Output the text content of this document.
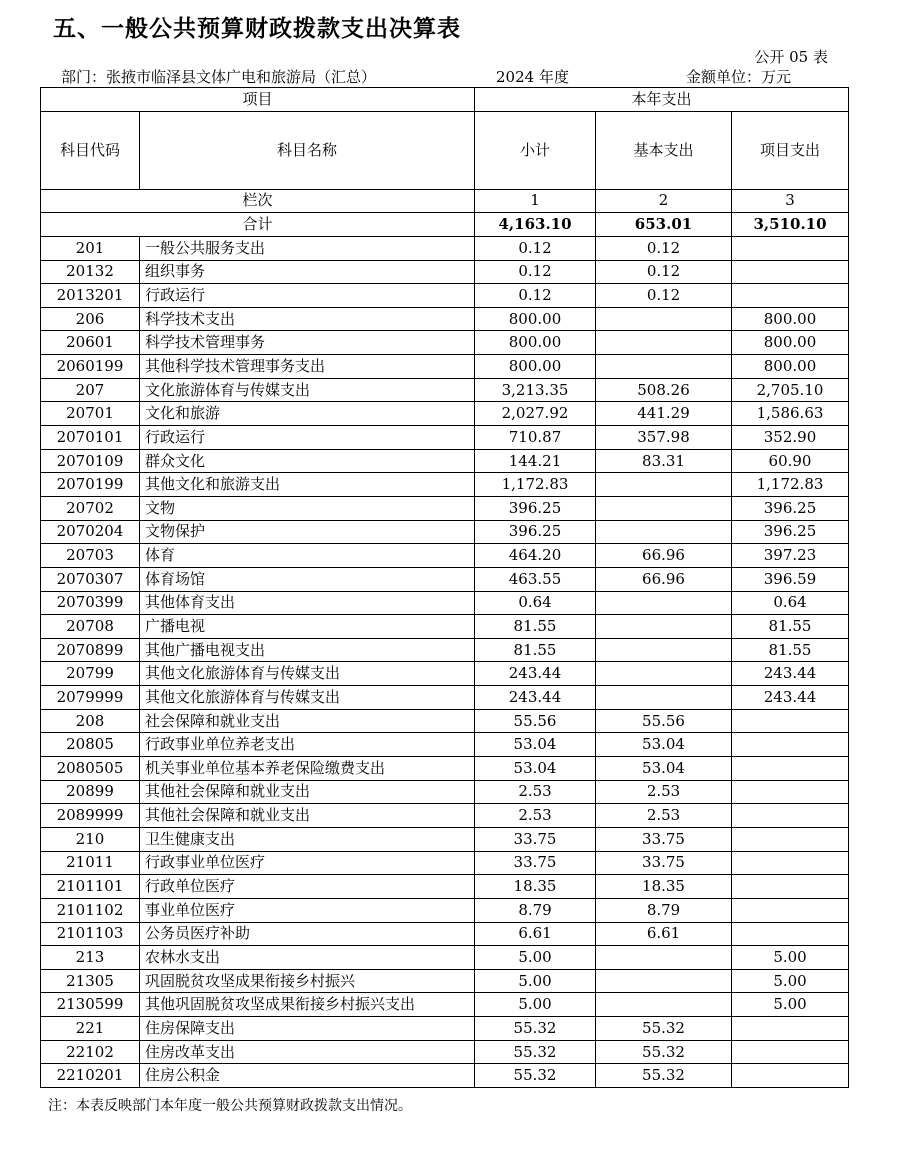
五、一般公共预算财政拨款支出决算表
公开 05 表
部门：张掖市临泽县文体广电和旅游局（汇总）	2024 年度	金额单位：万元
项目		本年支出		
科目代码	科目名称	小计	基本支出	项目支出
栏次		1	2	3
合计		4,163.10	653.01	3,510.10
201	一般公共服务支出	0.12	0.12	
20132	组织事务	0.12	0.12	
2013201	行政运行	0.12	0.12	
206	科学技术支出	800.00		800.00
20601	科学技术管理事务	800.00		800.00
2060199	其他科学技术管理事务支出	800.00		800.00
207	文化旅游体育与传媒支出	3,213.35	508.26	2,705.10
20701	文化和旅游	2,027.92	441.29	1,586.63
2070101	行政运行	710.87	357.98	352.90
2070109	群众文化	144.21	83.31	60.90
2070199	其他文化和旅游支出	1,172.83		1,172.83
20702	文物	396.25		396.25
2070204	文物保护	396.25		396.25
20703	体育	464.20	66.96	397.23
2070307	体育场馆	463.55	66.96	396.59
2070399	其他体育支出	0.64		0.64
20708	广播电视	81.55		81.55
2070899	其他广播电视支出	81.55		81.55
20799	其他文化旅游体育与传媒支出	243.44		243.44
2079999	其他文化旅游体育与传媒支出	243.44		243.44
208	社会保障和就业支出	55.56	55.56	
20805	行政事业单位养老支出	53.04	53.04	
2080505	机关事业单位基本养老保险缴费支出	53.04	53.04	
20899	其他社会保障和就业支出	2.53	2.53	
2089999	其他社会保障和就业支出	2.53	2.53	
210	卫生健康支出	33.75	33.75	
21011	行政事业单位医疗	33.75	33.75	
2101101	行政单位医疗	18.35	18.35	
2101102	事业单位医疗	8.79	8.79	
2101103	公务员医疗补助	6.61	6.61	
213	农林水支出	5.00		5.00
21305	巩固脱贫攻坚成果衔接乡村振兴	5.00		5.00
2130599	其他巩固脱贫攻坚成果衔接乡村振兴支出	5.00		5.00
221	住房保障支出	55.32	55.32	
22102	住房改革支出	55.32	55.32	
2210201	住房公积金	55.32	55.32	
注：本表反映部门本年度一般公共预算财政拨款支出情况。
